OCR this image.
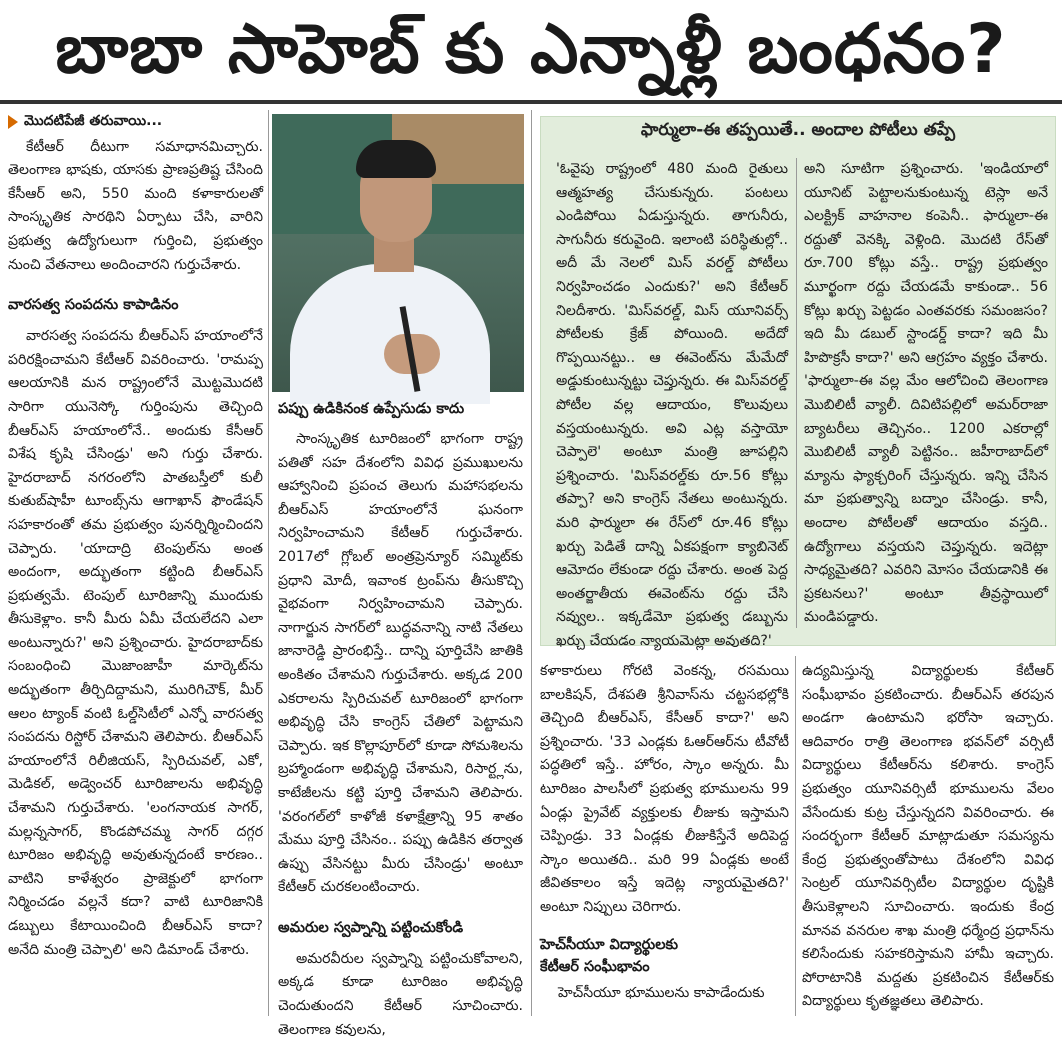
బాబా సాహెబ్ కు ఎన్నాళ్లీ బంధనం?
మొదటిపేజీ తరువాయి...

కేటీఆర్ దీటుగా సమాధానమిచ్చారు. తెలంగాణ భాషకు, యాసకు ప్రాణప్రతిష్ట చేసింది కేసీఆర్ అని, 550 మంది కళాకారులతో సాంస్కృతిక సారథిని ఏర్పాటు చేసి, వారిని ప్రభుత్వ ఉద్యోగులుగా గుర్తించి, ప్రభుత్వం నుంచి వేతనాలు అందించారని గుర్తుచేశారు.

వారసత్వ సంపదను కాపాడినం

వారసత్వ సంపదను బీఆర్ఎస్ హయాంలోనే పరిరక్షించామని కేటీఆర్ వివరించారు. 'రామప్ప ఆలయానికి మన రాష్ట్రంలోనే మొట్టమొదటి సారిగా యునెస్కో గుర్తింపును తెచ్చింది బీఆర్ఎస్ హయాంలోనే.. అందుకు కేసీఆర్ విశేష కృషి చేసిండ్రు' అని గుర్తు చేశారు. హైదరాబాద్ నగరంలోని పాతబస్తీలో కులీ కుతుబ్‌షాహీ టూంబ్స్‌ను ఆగాఖాన్ ఫౌండేషన్ సహకారంతో తమ ప్రభుత్వం పునర్నిర్మించిందని చెప్పారు. 'యాదాద్రి టెంపుల్‌ను అంత అందంగా, అద్భుతంగా కట్టింది బీఆర్ఎస్ ప్రభుత్వమే. టెంపుల్ టూరిజాన్ని ముందుకు తీసుకెళ్లాం. కానీ మీరు ఏమీ చేయలేదని ఎలా అంటున్నారు?' అని ప్రశ్నించారు. హైదరాబాద్‌కు సంబంధించి మొజాంజాహీ మార్కెట్‌ను అద్భుతంగా తీర్చిదిద్దామని, మురిగిచౌక్, మీర్ ఆలం ట్యాంక్ వంటి ఓల్డ్‌సిటీలో ఎన్నో వారసత్వ సంపదను రిస్టోర్ చేశామని తెలిపారు. బీఆర్ఎస్ హయాంలోనే రిలీజియస్, స్పిరిచువల్, ఎకో, మెడికల్, అడ్వెంచర్ టూరిజాలను అభివృద్ధి చేశామని గుర్తుచేశారు. 'లంగనాయక సాగర్, మల్లన్నసాగర్, కొండపోచమ్మ సాగర్ దగ్గర టూరిజం అభివృద్ధి అవుతున్నదంటే కారణం.. వాటిని కాళేశ్వరం ప్రాజెక్టులో భాగంగా నిర్మించడం వల్లనే కదా? వాటి టూరిజానికి డబ్బులు కేటాయించింది బీఆర్ఎస్ కాదా? అనేది మంత్రి చెప్పాలి' అని డిమాండ్ చేశారు.

పప్పు ఉడికినంక ఉప్పేసుడు కాదు

సాంస్కృతిక టూరిజంలో భాగంగా రాష్ట్ర పతితో సహ దేశంలోని వివిధ ప్రముఖులను ఆహ్వానించి ప్రపంచ తెలుగు మహాసభలను బీఆర్ఎస్ హయాంలోనే ఘనంగా నిర్వహించామని కేటీఆర్ గుర్తుచేశారు. 2017లో గ్లోబల్ అంత్రప్రెన్యూర్ సమ్మిట్‌కు ప్రధాని మోదీ, ఇవాంక ట్రంప్‌ను తీసుకొచ్చి వైభవంగా నిర్వహించామని చెప్పారు. నాగార్జున సాగర్‌లో బుద్ధవనాన్ని నాటి నేతలు జానారెడ్డి ప్రారంభిస్తే.. దాన్ని పూర్తిచేసి జాతికి అంకితం చేశామని గుర్తుచేశారు. అక్కడ 200 ఎకరాలను స్పిరిచువల్ టూరిజంలో భాగంగా అభివృద్ధి చేసి కాంగ్రెస్ చేతిలో పెట్టామని చెప్పారు. ఇక కొల్లాపూర్‌లో కూడా సోమశిలను బ్రహ్మాండంగా అభివృద్ధి చేశామని, రిసార్ట్లను, కాటేజీలను కట్టి పూర్తి చేశామని తెలిపారు. 'వరంగల్‌లో కాళోజీ కళాక్షేత్రాన్ని 95 శాతం మేము పూర్తి చేసినం.. పప్పు ఉడికిన తర్వాత ఉప్పు వేసినట్టు మీరు చేసిండ్రు' అంటూ కేటీఆర్ చురకలంటించారు.

అమరుల స్వప్నాన్ని పట్టించుకోండి

అమరవీరుల స్వప్నాన్ని పట్టించుకోవాలని, అక్కడ కూడా టూరిజం అభివృద్ధి చెందుతుందని కేటీఆర్ సూచించారు. తెలంగాణ కవులను,

ఫార్ములా-ఈ తప్పయితే.. అందాల పోటీలు తప్పే

'ఓవైపు రాష్ట్రంలో 480 మంది రైతులు ఆత్మహత్య చేసుకున్నరు. పంటలు ఎండిపోయి ఏడుస్తున్నరు. తాగునీరు, సాగునీరు కరువైంది. ఇలాంటి పరిస్థితుల్లో.. అదీ మే నెలలో మిస్ వరల్డ్ పోటీలు నిర్వహించడం ఎందుకు?' అని కేటీఆర్ నిలదీశారు. 'మిస్‌వరల్డ్, మిస్ యూనివర్స్ పోటీలకు క్రేజ్ పోయింది. అదేదో గొప్పయినట్టు.. ఆ ఈవెంట్‌ను మేమేదో అడ్డుకుంటున్నట్టు చెప్తున్నరు. ఈ మిస్‌వరల్డ్ పోటీల వల్ల ఆదాయం, కొలువులు వస్తయంటున్నరు. అవి ఎట్ల వస్తాయో చెప్పాలె' అంటూ మంత్రి జూపల్లిని ప్రశ్నించారు. 'మిస్‌వరల్డ్‌కు రూ.56 కోట్లు తప్పా? అని కాంగ్రెస్ నేతలు అంటున్నరు. మరి ఫార్ములా ఈ రేస్‌లో రూ.46 కోట్లు ఖర్చు పెడితే దాన్ని ఏకపక్షంగా క్యాబినెట్ ఆమోదం లేకుండా రద్దు చేశారు. అంత పెద్ద అంతర్జాతీయ ఈవెంట్‌ను రద్దు చేసి నవ్వుల.. ఇక్కడేమో ప్రభుత్వ డబ్బును ఖర్చు చేయడం న్యాయమెట్లా అవుతది?'

అని సూటిగా ప్రశ్నించారు. 'ఇండియాలో యూనిట్ పెట్టాలనుకుంటున్న టెస్లా అనే ఎలక్ట్రిక్ వాహనాల కంపెనీ.. ఫార్ములా-ఈ రద్దుతో వెనక్కి వెళ్లింది. మొదటి రేస్‌తో రూ.700 కోట్లు వస్తే.. రాష్ట్ర ప్రభుత్వం మూర్ఖంగా రద్దు చేయడమే కాకుండా.. 56 కోట్లు ఖర్చు పెట్టడం ఎంతవరకు సమంజసం? ఇది మీ డబుల్ స్టాండర్డ్ కాదా? ఇది మీ హిపొక్రసీ కాదా?' అని ఆగ్రహం వ్యక్తం చేశారు. 'ఫార్ములా-ఈ వల్ల మేం ఆలోచించి తెలంగాణ మొబిలిటీ వ్యాలీ. దివిటిపల్లిలో అమర్‌రాజా బ్యాటరీలు తెచ్చినం.. 1200 ఎకరాల్లో మొబిలిటీ వ్యాలీ పెట్టినం.. జహీరాబాద్‌లో మ్యాను ఫ్యాక్చరింగ్ చేస్తున్నరు. ఇన్ని చేసిన మా ప్రభుత్వాన్ని బద్నాం చేసిండ్రు. కానీ, అందాల పోటీలతో ఆదాయం వస్తది.. ఉద్యోగాలు వస్తయని చెప్తున్నరు. ఇదెట్లా సాధ్యమైతది? ఎవరిని మోసం చేయడానికి ఈ ప్రకటనలు?' అంటూ తీవ్రస్థాయిలో మండిపడ్డారు.

కళాకారులు గోరటి వెంకన్న, రసమయి బాలకిషన్, దేశపతి శ్రీనివాస్‌ను చట్టసభల్లోకి తెచ్చింది బీఆర్ఎస్, కేసీఆర్ కాదా?' అని ప్రశ్నించారు. '33 ఎండ్లకు ఓఆర్ఆర్‌ను టీవోటీ పద్ధతిలో ఇస్తే.. హోరం, స్కాం అన్నరు. మీ టూరిజం పాలసీలో ప్రభుత్వ భూములను 99 ఏండ్లు ప్రైవేట్ వ్యక్తులకు లీజుకు ఇస్తామని చెప్పిండ్రు. 33 ఏండ్లకు లీజుకిస్తేనే అదిపెద్ద స్కాం అయితది.. మరి 99 ఏండ్లకు అంటే జీవితకాలం ఇస్తే ఇదెట్ల న్యాయమైతది?' అంటూ నిప్పులు చెరిగారు.

హెచ్‌సీయూ విద్యార్థులకు
కేటీఆర్ సంఘీభావం

హెచ్‌సీయూ భూములను కాపాడేందుకు

ఉద్యమిస్తున్న విద్యార్థులకు కేటీఆర్ సంఘీభావం ప్రకటించారు. బీఆర్ఎస్ తరపున అండగా ఉంటామని భరోసా ఇచ్చారు. ఆదివారం రాత్రి తెలంగాణ భవన్‌లో వర్సిటీ విద్యార్థులు కేటీఆర్‌ను కలిశారు. కాంగ్రెస్ ప్రభుత్వం యూనివర్సిటీ భూములను వేలం వేసేందుకు కుట్ర చేస్తున్నదని వివరించారు. ఈ సందర్భంగా కేటీఆర్ మాట్లాడుతూ సమస్యను కేంద్ర ప్రభుత్వంతోపాటు దేశంలోని వివిధ సెంట్రల్ యూనివర్సిటీల విద్యార్థుల దృష్టికి తీసుకెళ్లాలని సూచించారు. ఇందుకు కేంద్ర మానవ వనరుల శాఖ మంత్రి ధర్మేంద్ర ప్రధాన్‌ను కలిసేందుకు సహకరిస్తామని హామీ ఇచ్చారు. పోరాటానికి మద్దతు ప్రకటించిన కేటీఆర్‌కు విద్యార్థులు కృతజ్ఞతలు తెలిపారు.
